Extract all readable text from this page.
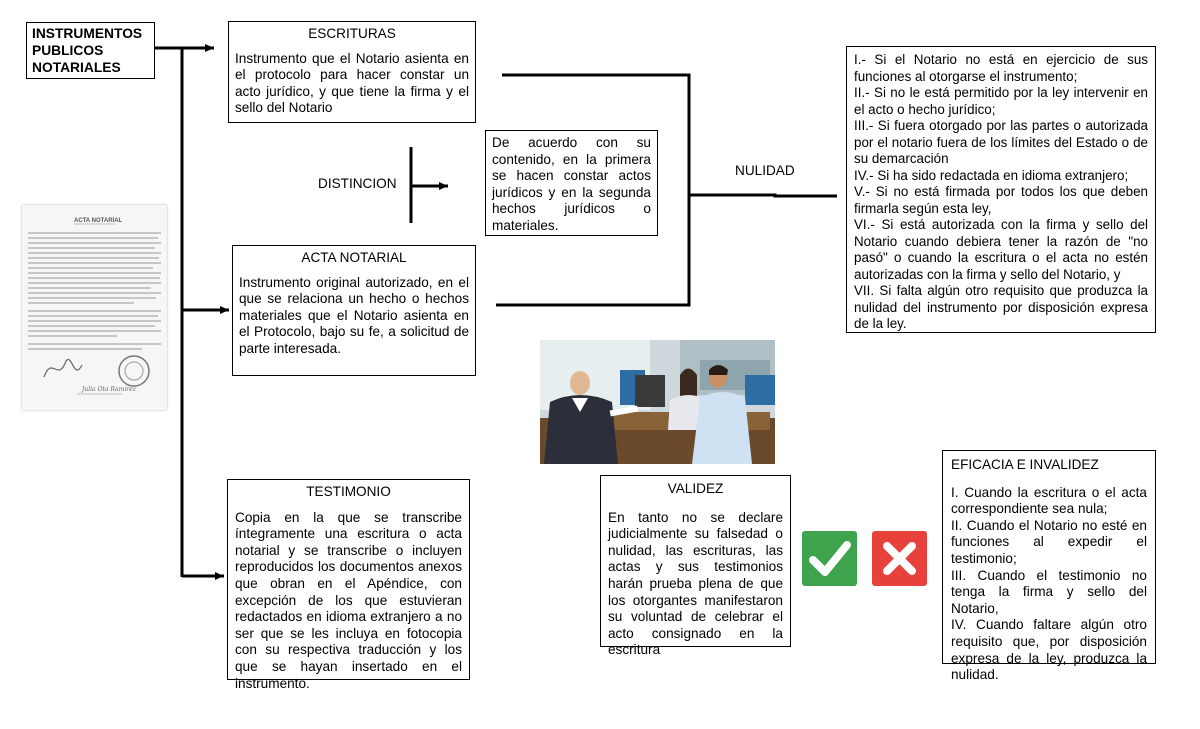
INSTRUMENTOS PUBLICOS NOTARIALES
ESCRITURAS
Instrumento que el Notario asienta en el protocolo para hacer constar un acto jurídico, y que tiene la firma y el sello del Notario
DISTINCION
De acuerdo con su contenido, en la primera se hacen constar actos jurídicos y en la segunda hechos jurídicos o materiales.
ACTA NOTARIAL
Instrumento original autorizado, en el que se relaciona un hecho o hechos materiales que el Notario asienta en el Protocolo, bajo su fe, a solicitud de parte interesada.
TESTIMONIO
Copia en la que se transcribe íntegramente una escritura o acta notarial y se transcribe o incluyen reproducidos los documentos anexos que obran en el Apéndice, con excepción de los que estuvieran redactados en idioma extranjero a no ser que se les incluya en fotocopia con su respectiva traducción y los que se hayan insertado en el instrumento.
NULIDAD
I.- Si el Notario no está en ejercicio de sus funciones al otorgarse el instrumento;
II.- Si no le está permitido por la ley intervenir en el acto o hecho jurídico;
III.- Si fuera otorgado por las partes o autorizada por el notario fuera de los límites del Estado o de su demarcación
IV.- Si ha sido redactada en idioma extranjero;
V.- Si no está firmada por todos los que deben firmarla según esta ley,
VI.- Si está autorizada con la firma y sello del Notario cuando debiera tener la razón de "no pasó" o cuando la escritura o el acta no estén autorizadas con la firma y sello del Notario, y
VII. Si falta algún otro requisito que produzca la nulidad del instrumento por disposición expresa de la ley.
VALIDEZ
En tanto no se declare judicialmente su falsedad o nulidad, las escrituras, las actas y sus testimonios harán prueba plena de que los otorgantes manifestaron su voluntad de celebrar el acto consignado en la escritura
EFICACIA E INVALIDEZ
I. Cuando la escritura o el acta correspondiente sea nula;
II. Cuando el Notario no esté en funciones al expedir el testimonio;
III. Cuando el testimonio no tenga la firma y sello del Notario,
IV. Cuando faltare algún otro requisito que, por disposición expresa de la ley, produzca la nulidad.
ACTA NOTARIAL
Julia Ota Ramírez
